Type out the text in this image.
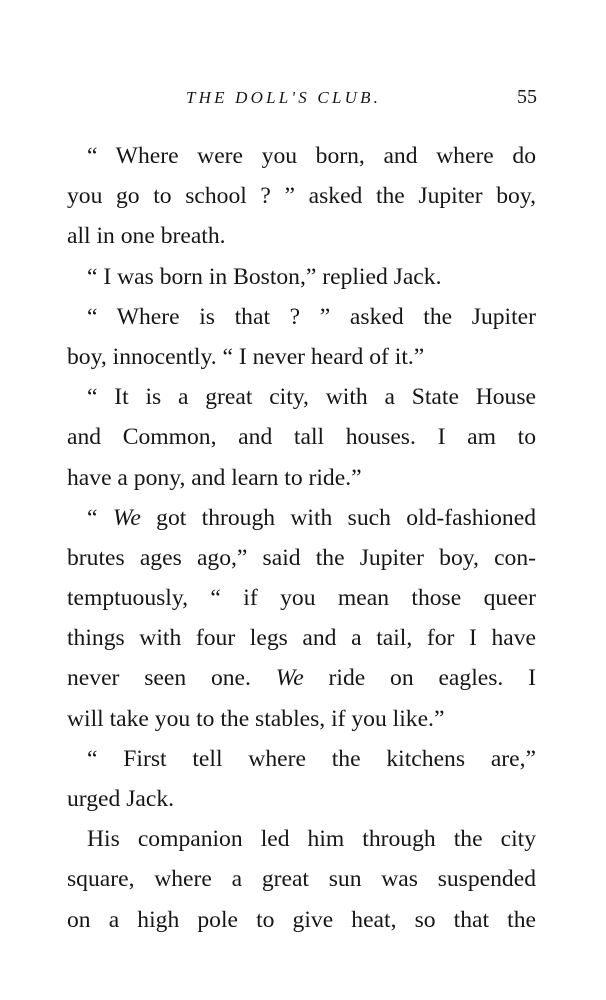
THE DOLL'S CLUB.	55
“ Where were you born, and where do
you go to school ? ” asked the Jupiter boy,
all in one breath.
“ I was born in Boston,” replied Jack.
“ Where is that ? ” asked the Jupiter
boy, innocently. “ I never heard of it.”
“ It is a great city, with a State House
and Common, and tall houses. I am to
have a pony, and learn to ride.”
“ We got through with such old-fashioned
brutes ages ago,” said the Jupiter boy, con-
temptuously, “ if you mean those queer
things with four legs and a tail, for I have
never seen one. We ride on eagles. I
will take you to the stables, if you like.”
“ First tell where the kitchens are,”
urged Jack.
His companion led him through the city
square, where a great sun was suspended
on a high pole to give heat, so that the
